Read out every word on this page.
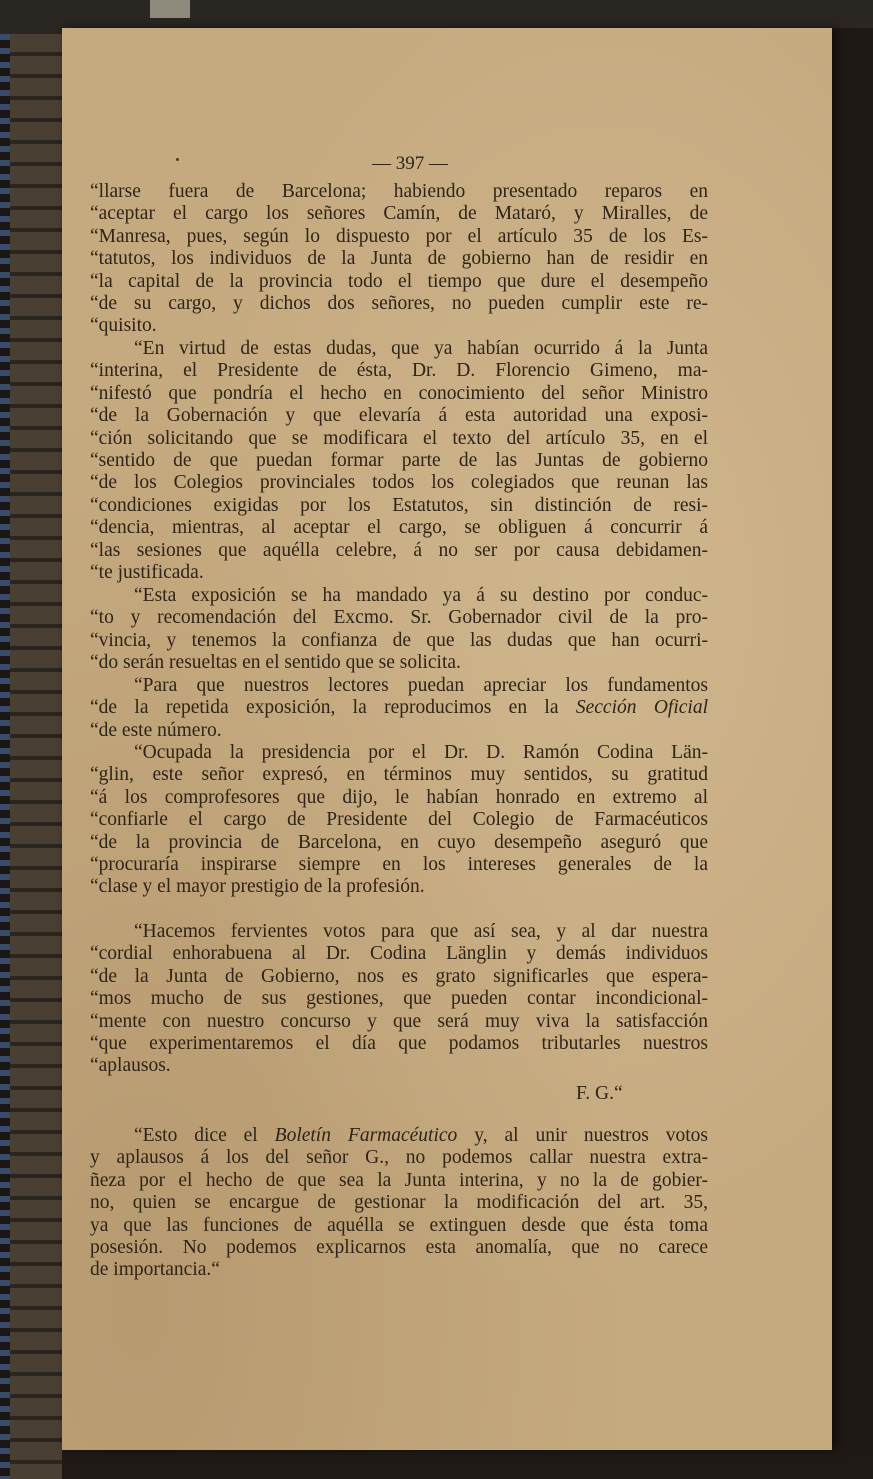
— 397 —
“llarse fuera de Barcelona; habiendo presentado reparos en
“aceptar el cargo los señores Camín, de Mataró, y Miralles, de
“Manresa, pues, según lo dispuesto por el artículo 35 de los Es-
“tatutos, los individuos de la Junta de gobierno han de residir en
“la capital de la provincia todo el tiempo que dure el desempeño
“de su cargo, y dichos dos señores, no pueden cumplir este re-
“quisito.
“En virtud de estas dudas, que ya habían ocurrido á la Junta
“interina, el Presidente de ésta, Dr. D. Florencio Gimeno, ma-
“nifestó que pondría el hecho en conocimiento del señor Ministro
“de la Gobernación y que elevaría á esta autoridad una exposi-
“ción solicitando que se modificara el texto del artículo 35, en el
“sentido de que puedan formar parte de las Juntas de gobierno
“de los Colegios provinciales todos los colegiados que reunan las
“condiciones exigidas por los Estatutos, sin distinción de resi-
“dencia, mientras, al aceptar el cargo, se obliguen á concurrir á
“las sesiones que aquélla celebre, á no ser por causa debidamen-
“te justificada.
“Esta exposición se ha mandado ya á su destino por conduc-
“to y recomendación del Excmo. Sr. Gobernador civil de la pro-
“vincia, y tenemos la confianza de que las dudas que han ocurri-
“do serán resueltas en el sentido que se solicita.
“Para que nuestros lectores puedan apreciar los fundamentos
“de la repetida exposición, la reproducimos en la Sección Oficial
“de este número.
“Ocupada la presidencia por el Dr. D. Ramón Codina Län-
“glin, este señor expresó, en términos muy sentidos, su gratitud
“á los comprofesores que dijo, le habían honrado en extremo al
“confiarle el cargo de Presidente del Colegio de Farmacéuticos
“de la provincia de Barcelona, en cuyo desempeño aseguró que
“procuraría inspirarse siempre en los intereses generales de la
“clase y el mayor prestigio de la profesión.
“Hacemos fervientes votos para que así sea, y al dar nuestra
“cordial enhorabuena al Dr. Codina Länglin y demás individuos
“de la Junta de Gobierno, nos es grato significarles que espera-
“mos mucho de sus gestiones, que pueden contar incondicional-
“mente con nuestro concurso y que será muy viva la satisfacción
“que experimentaremos el día que podamos tributarles nuestros
“aplausos.
F. G.“
“Esto dice el Boletín Farmacéutico y, al unir nuestros votos
y aplausos á los del señor G., no podemos callar nuestra extra-
ñeza por el hecho de que sea la Junta interina, y no la de gobier-
no, quien se encargue de gestionar la modificación del art. 35,
ya que las funciones de aquélla se extinguen desde que ésta toma
posesión. No podemos explicarnos esta anomalía, que no carece
de importancia.“
